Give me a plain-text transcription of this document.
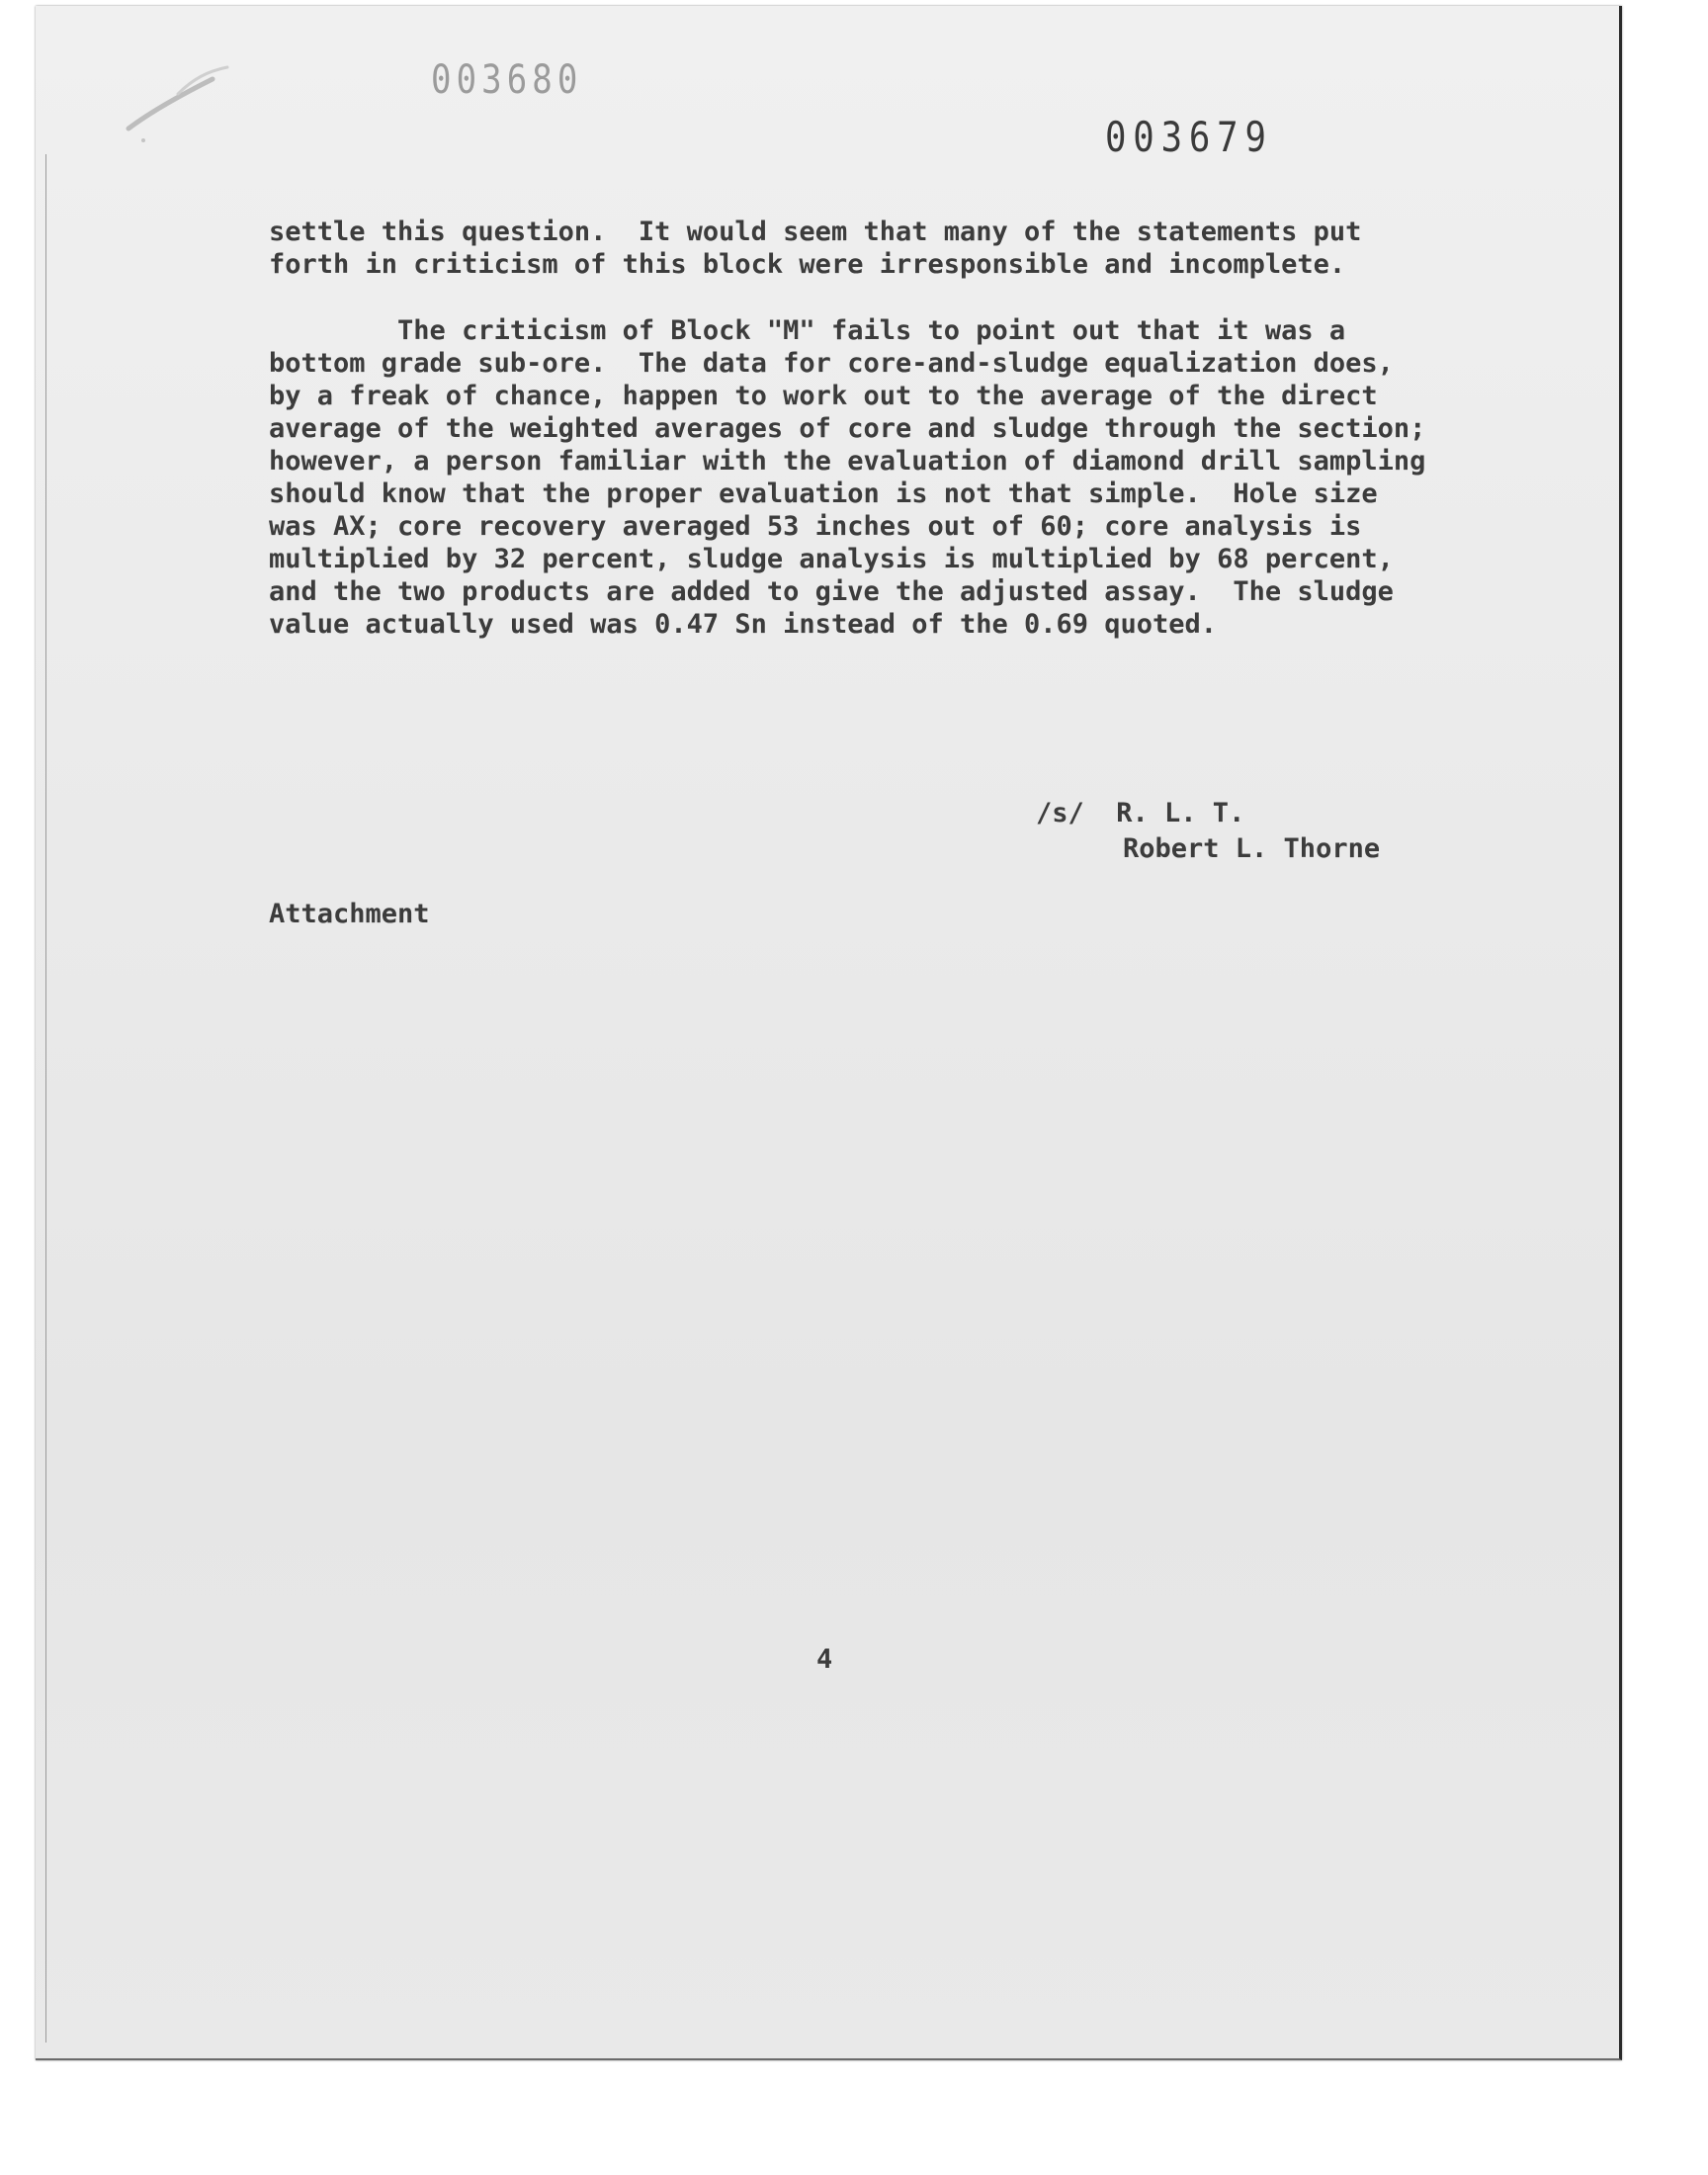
003680
003679
settle this question.  It would seem that many of the statements put
forth in criticism of this block were irresponsible and incomplete.
The criticism of Block "M" fails to point out that it was a
bottom grade sub-ore.  The data for core-and-sludge equalization does,
by a freak of chance, happen to work out to the average of the direct
average of the weighted averages of core and sludge through the section;
however, a person familiar with the evaluation of diamond drill sampling
should know that the proper evaluation is not that simple.  Hole size
was AX; core recovery averaged 53 inches out of 60; core analysis is
multiplied by 32 percent, sludge analysis is multiplied by 68 percent,
and the two products are added to give the adjusted assay.  The sludge
value actually used was 0.47 Sn instead of the 0.69 quoted.
/s/  R. L. T.
Robert L. Thorne
Attachment
4
